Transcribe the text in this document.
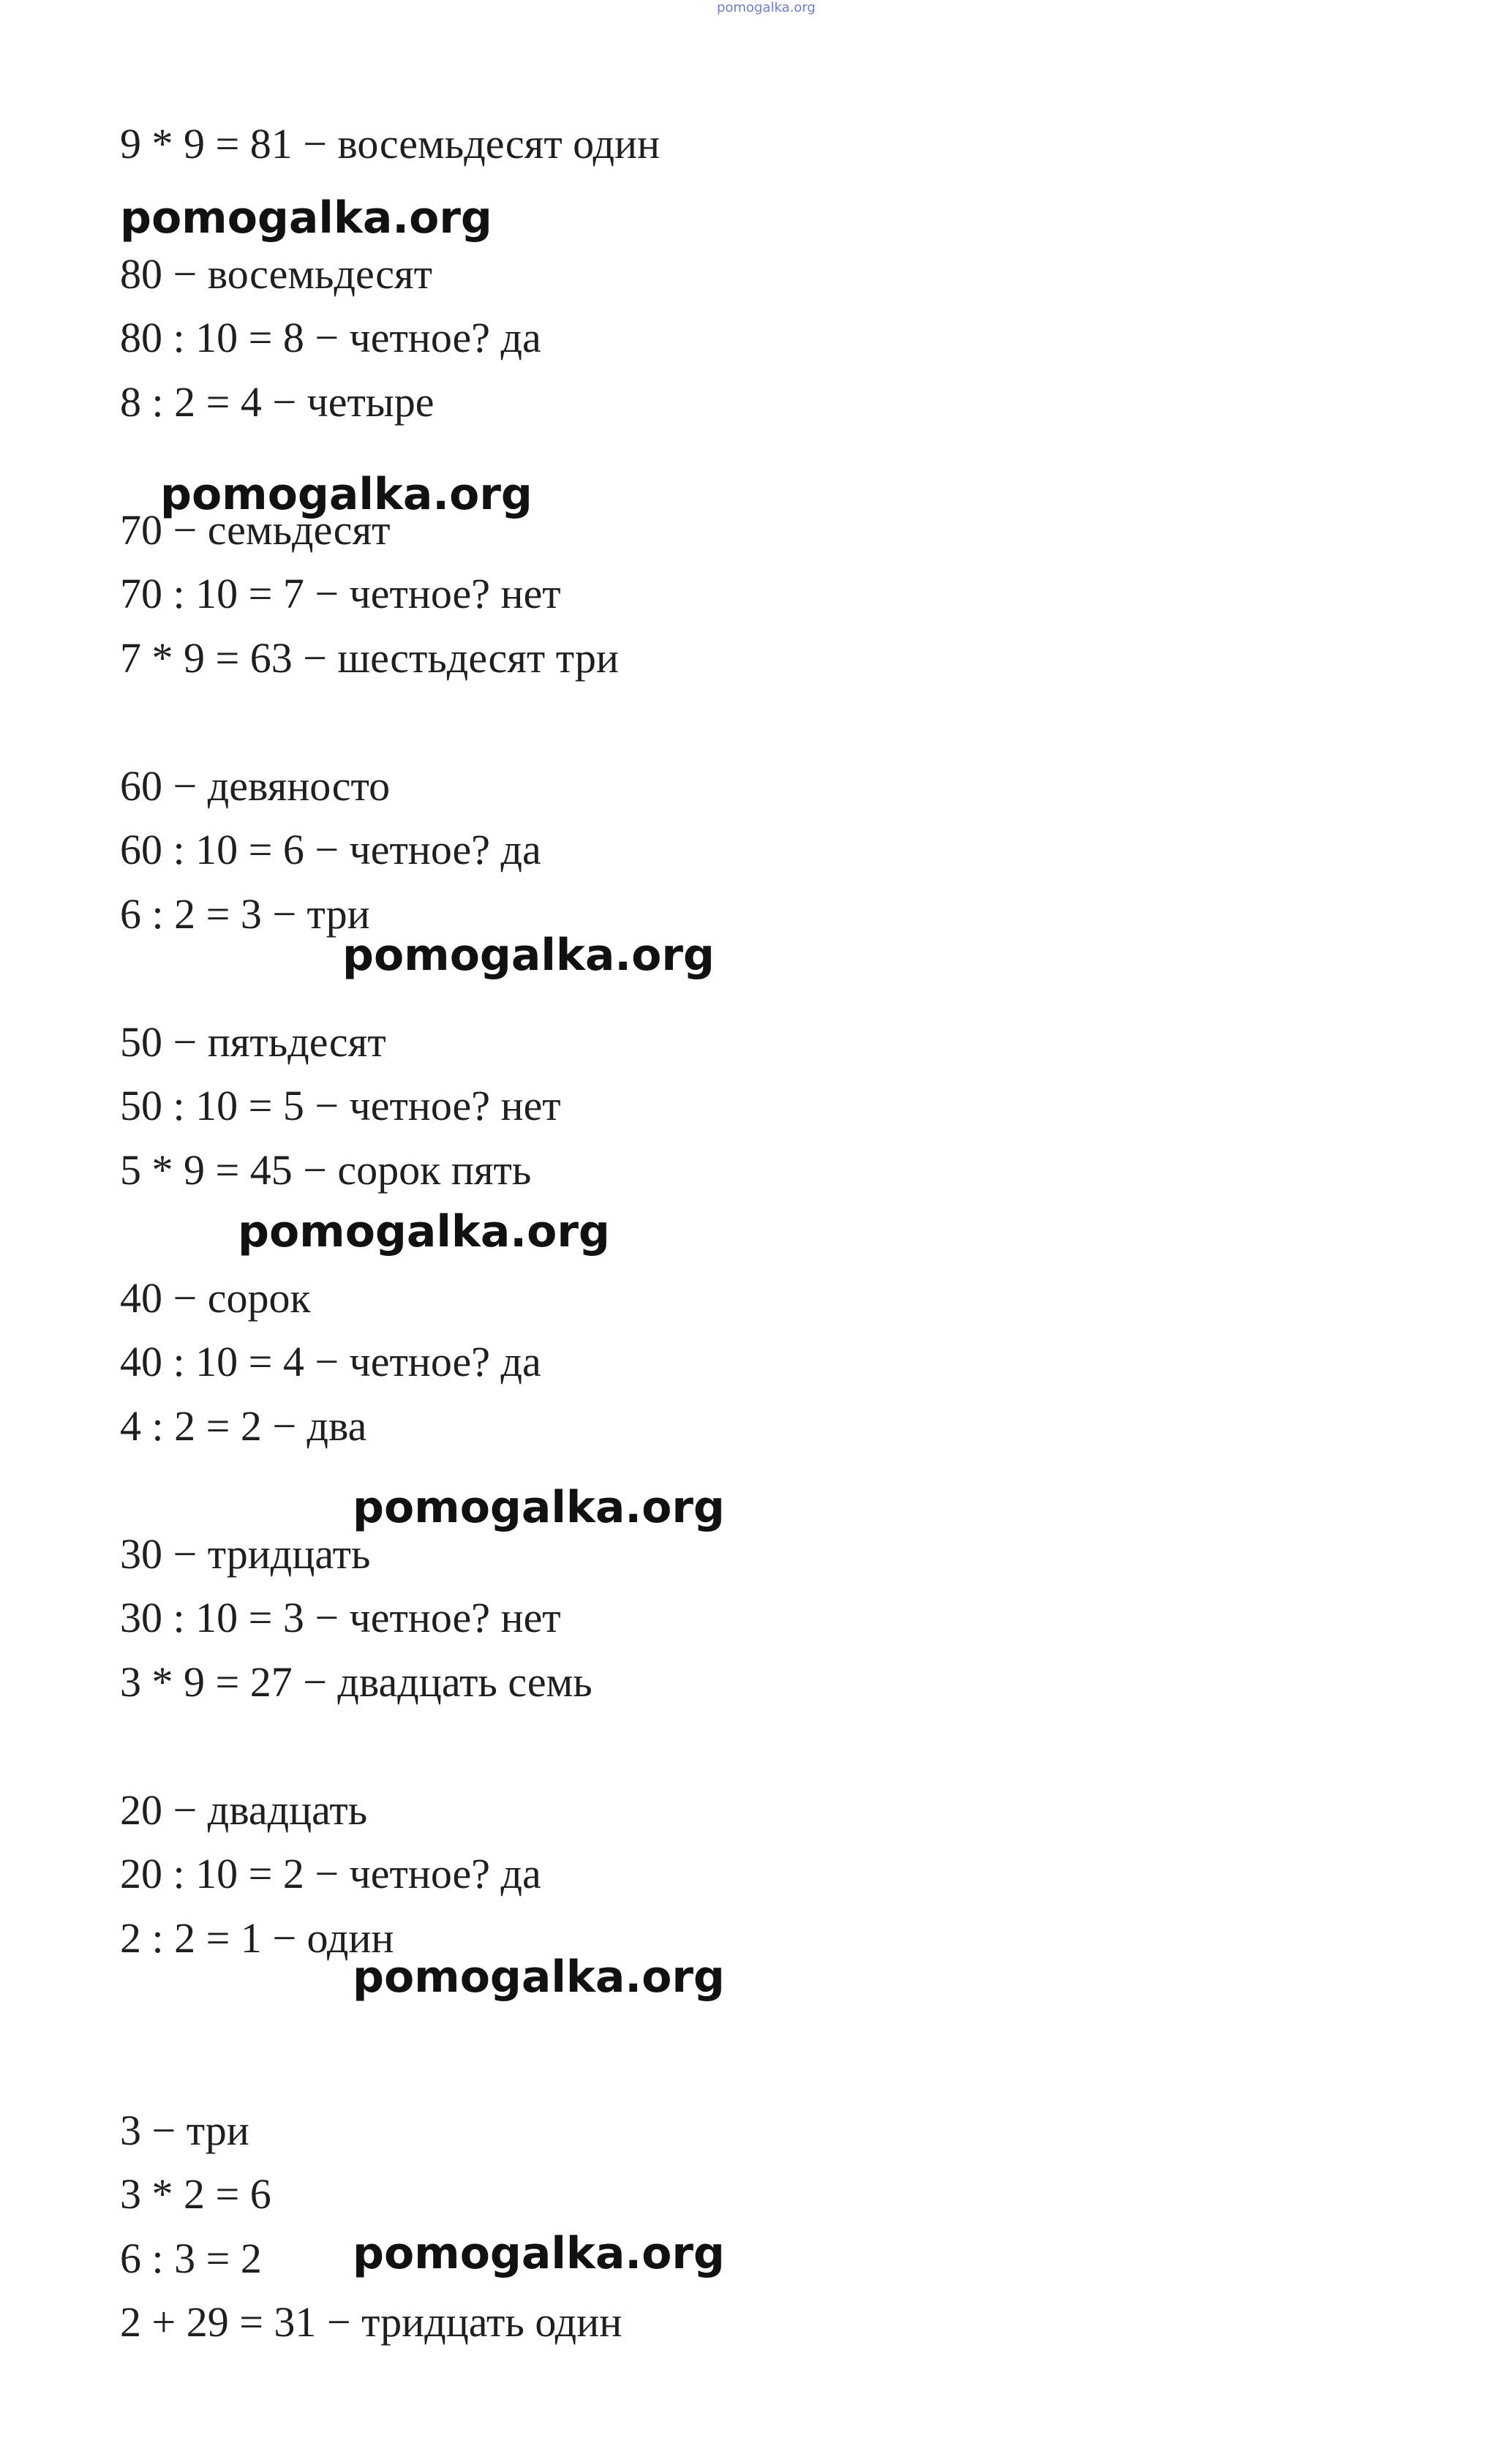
pomogalka.org
9 * 9 = 81 − восемьдесят один
pomogalka.org
80 − восемьдесят
80 : 10 = 8 − четное? да
8 : 2 = 4 − четыре
70 − семьдесят
pomogalka.org
70 : 10 = 7 − четное? нет
7 * 9 = 63 − шестьдесят три
60 − девяносто
60 : 10 = 6 − четное? да
6 : 2 = 3 − три
pomogalka.org
50 − пятьдесят
50 : 10 = 5 − четное? нет
5 * 9 = 45 − сорок пять
pomogalka.org
40 − сорок
40 : 10 = 4 − четное? да
4 : 2 = 2 − два
pomogalka.org
30 − тридцать
30 : 10 = 3 − четное? нет
3 * 9 = 27 − двадцать семь
20 − двадцать
20 : 10 = 2 − четное? да
2 : 2 = 1 − один
pomogalka.org
3 − три
3 * 2 = 6
6 : 3 = 2 pomogalka.org
2 + 29 = 31 − тридцать один
